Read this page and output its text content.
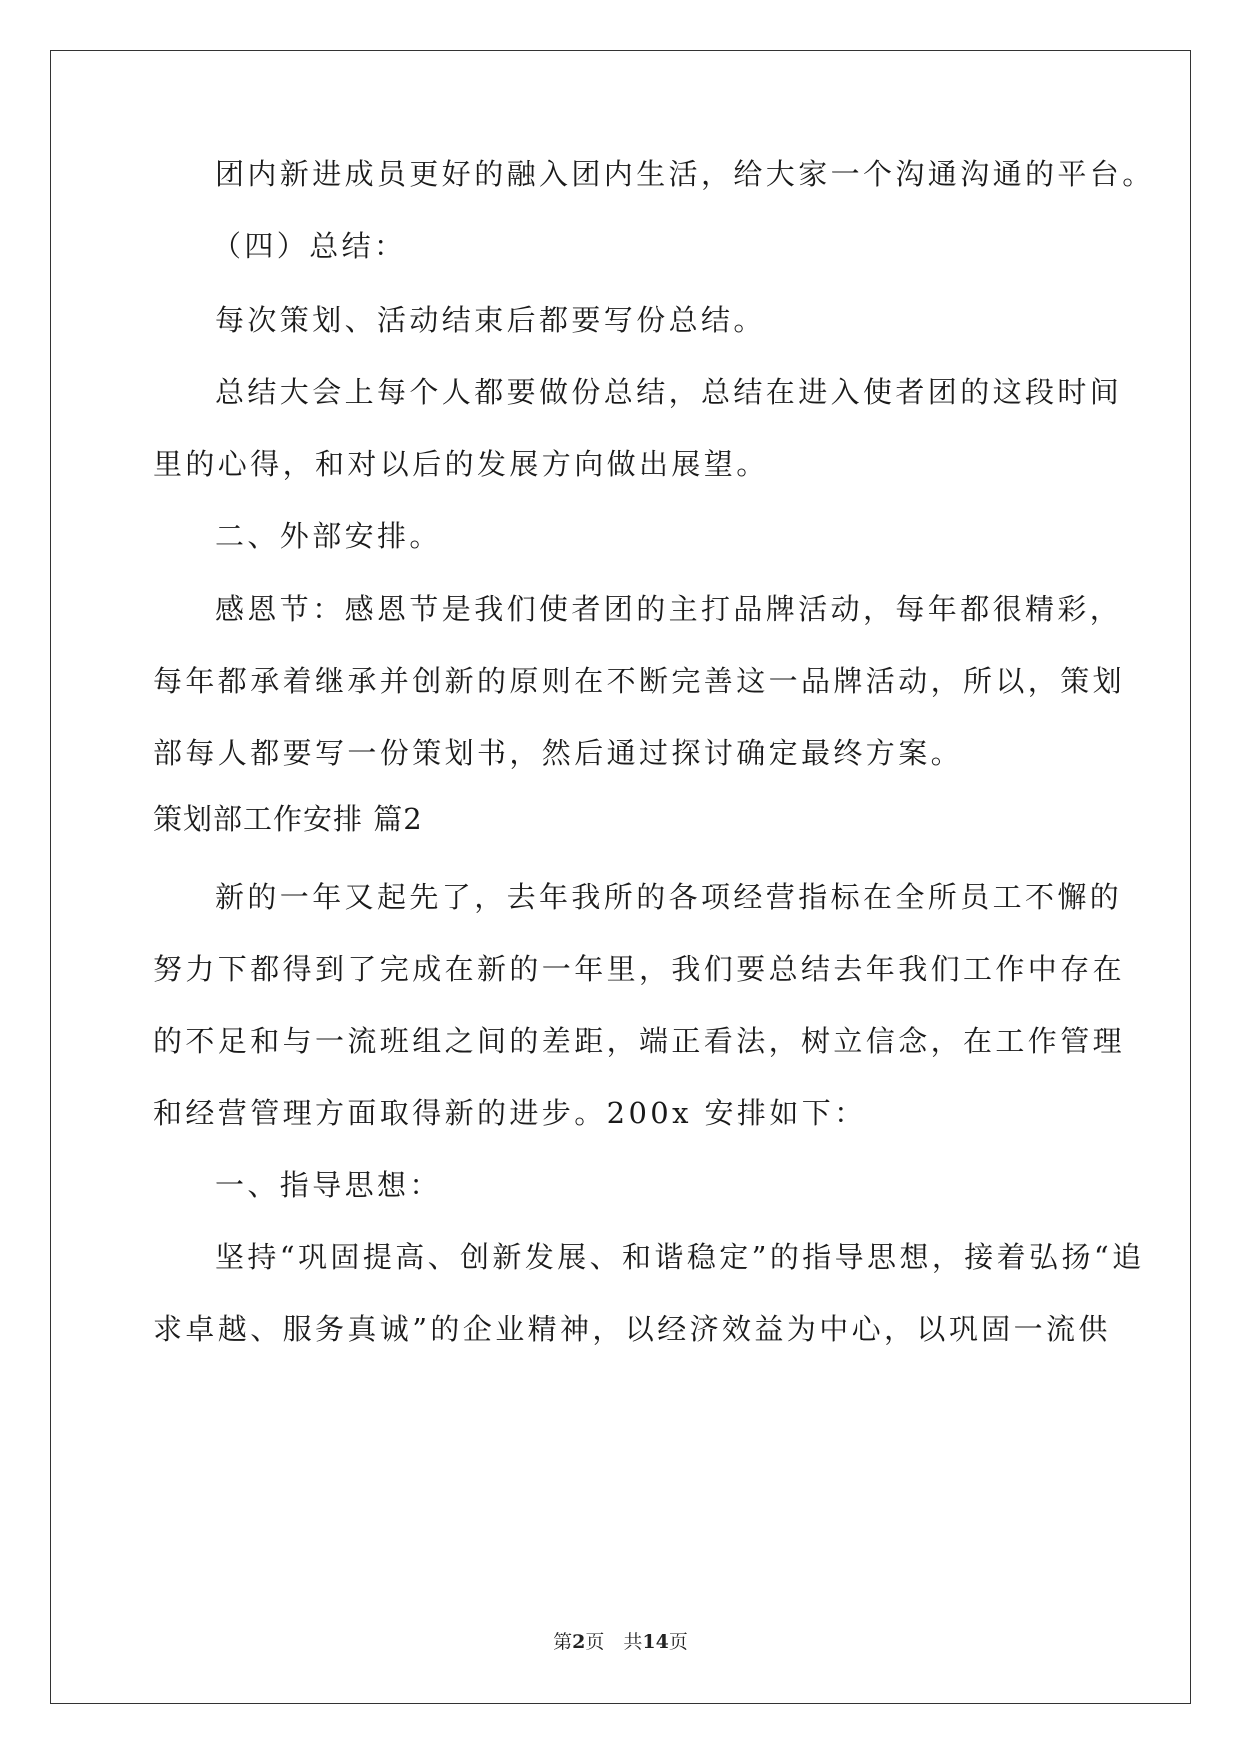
团内新进成员更好的融入团内生活，给大家一个沟通沟通的平台。
（四）总结：
每次策划、活动结束后都要写份总结。
总结大会上每个人都要做份总结，总结在进入使者团的这段时间
里的心得，和对以后的发展方向做出展望。
二、外部安排。
感恩节：感恩节是我们使者团的主打品牌活动，每年都很精彩，
每年都承着继承并创新的原则在不断完善这一品牌活动，所以，策划
部每人都要写一份策划书，然后通过探讨确定最终方案。
策划部工作安排 篇2
新的一年又起先了，去年我所的各项经营指标在全所员工不懈的
努力下都得到了完成在新的一年里，我们要总结去年我们工作中存在
的不足和与一流班组之间的差距，端正看法，树立信念，在工作管理
和经营管理方面取得新的进步。200x 安排如下：
一、指导思想：
坚持“巩固提高、创新发展、和谐稳定”的指导思想，接着弘扬“追
求卓越、服务真诚”的企业精神，以经济效益为中心，以巩固一流供
第2页　共14页
